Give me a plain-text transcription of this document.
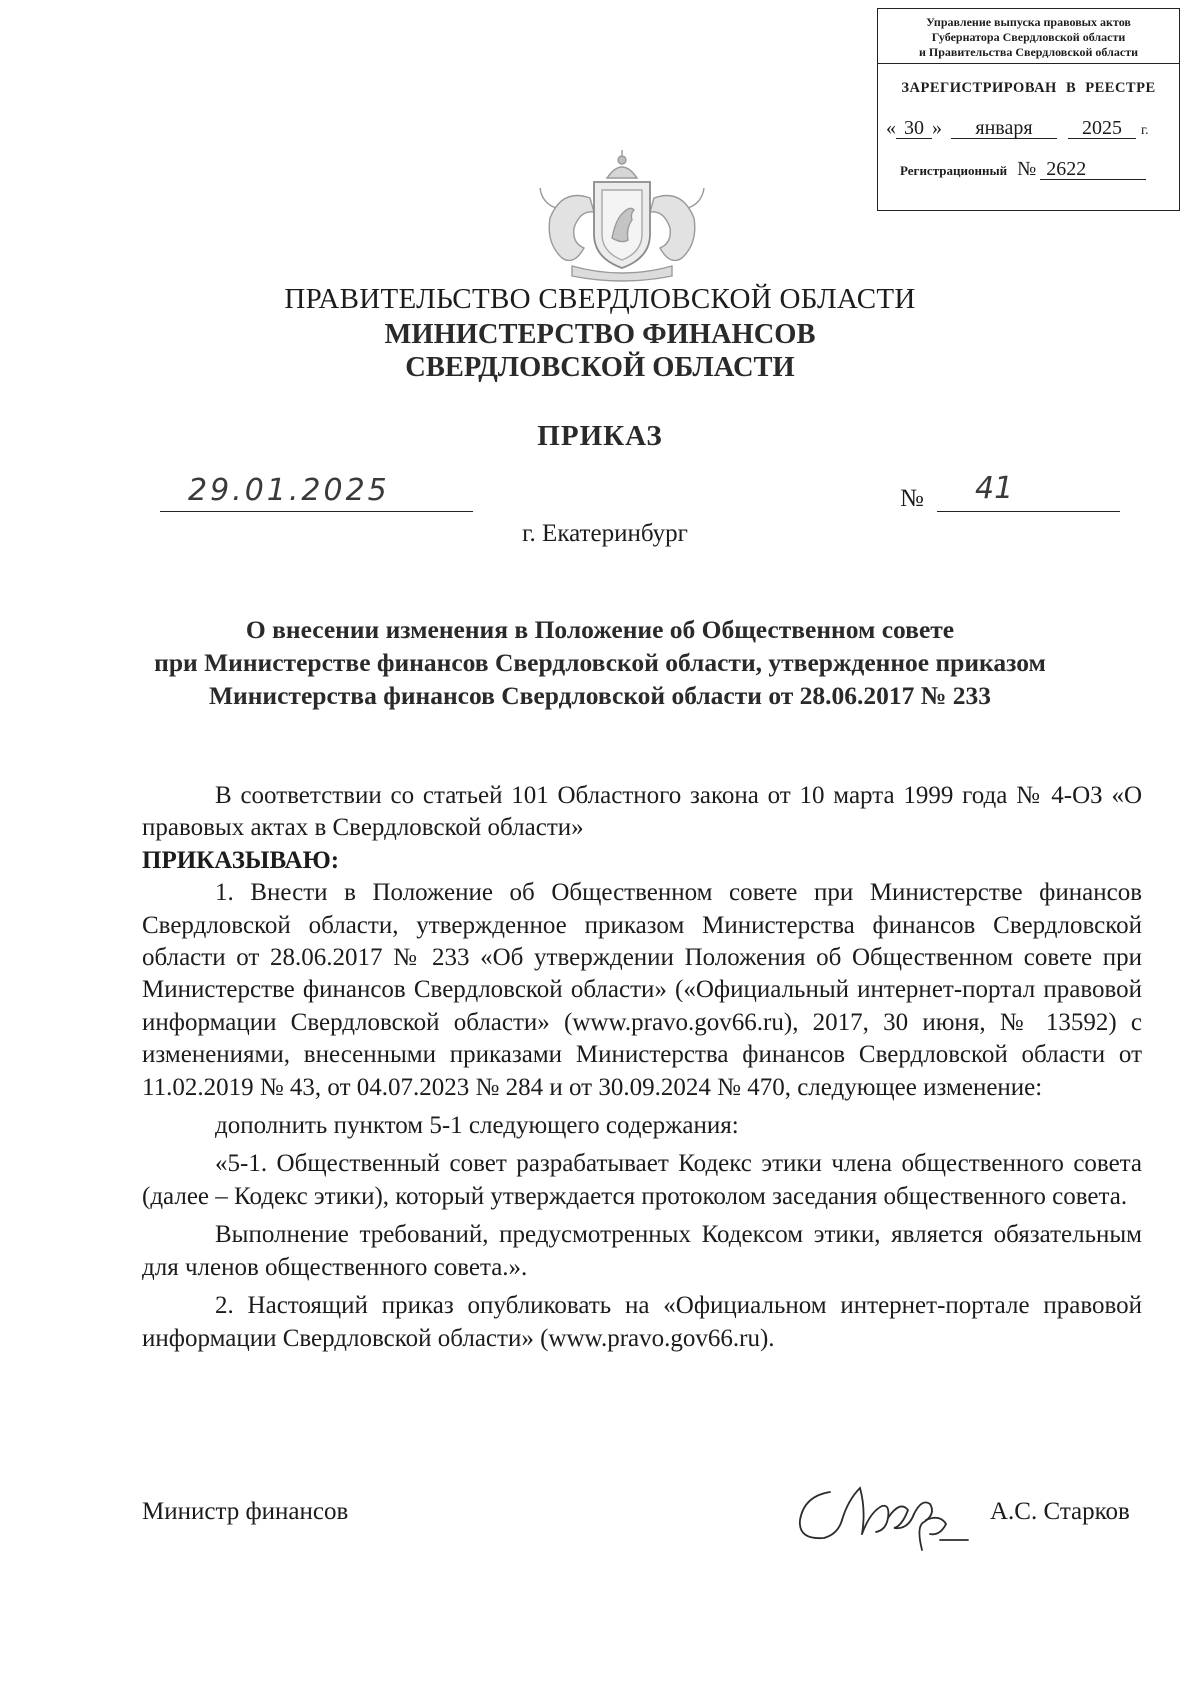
Управление выпуска правовых актов
Губернатора Свердловской области
и Правительства Свердловской области
ЗАРЕГИСТРИРОВАН В РЕЕСТРЕ
« 30 » января 2025 г.
Регистрационный № 2622
ПРАВИТЕЛЬСТВО СВЕРДЛОВСКОЙ ОБЛАСТИ
МИНИСТЕРСТВО ФИНАНСОВ
СВЕРДЛОВСКОЙ ОБЛАСТИ
ПРИКАЗ
29.01.2025	№ 41
г. Екатеринбург
О внесении изменения в Положение об Общественном совете
при Министерстве финансов Свердловской области, утвержденное приказом
Министерства финансов Свердловской области от 28.06.2017 № 233

В соответствии со статьей 101 Областного закона от 10 марта 1999 года № 4-ОЗ «О правовых актах в Свердловской области»

ПРИКАЗЫВАЮ:

1. Внести в Положение об Общественном совете при Министерстве финансов Свердловской области, утвержденное приказом Министерства финансов Свердловской области от 28.06.2017 № 233 «Об утверждении Положения об Общественном совете при Министерстве финансов Свердловской области» («Официальный интернет-портал правовой информации Свердловской области» (www.pravo.gov66.ru), 2017, 30 июня, № 13592) с изменениями, внесенными приказами Министерства финансов Свердловской области от 11.02.2019 № 43, от 04.07.2023 № 284 и от 30.09.2024 № 470, следующее изменение:

дополнить пунктом 5-1 следующего содержания:

«5-1. Общественный совет разрабатывает Кодекс этики члена общественного совета (далее – Кодекс этики), который утверждается протоколом заседания общественного совета.

Выполнение требований, предусмотренных Кодексом этики, является обязательным для членов общественного совета.».

2. Настоящий приказ опубликовать на «Официальном интернет-портале правовой информации Свердловской области» (www.pravo.gov66.ru).

Министр финансов	А.С. Старков
